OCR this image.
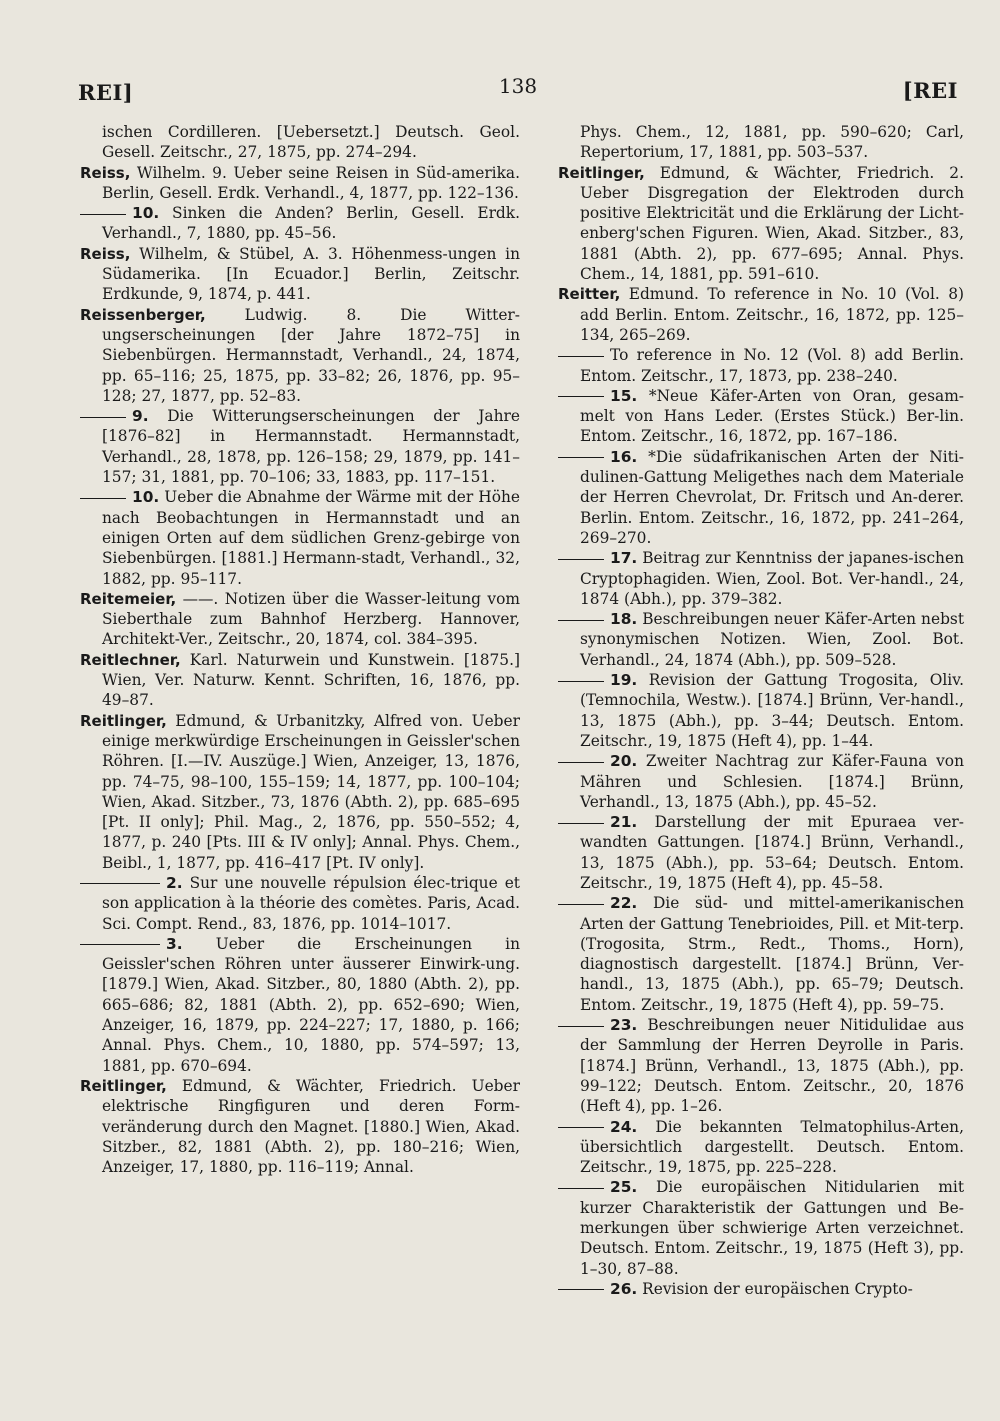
REI]	138	[REI

ischen Cordilleren. [Uebersetzt.] Deutsch. Geol. Gesell. Zeitschr., 27, 1875, pp. 274–294.

Reiss, Wilhelm. 9. Ueber seine Reisen in Süd-amerika. Berlin, Gesell. Erdk. Verhandl., 4, 1877, pp. 122–136.

10. Sinken die Anden? Berlin, Gesell. Erdk. Verhandl., 7, 1880, pp. 45–56.

Reiss, Wilhelm, & Stübel, A. 3. Höhenmess-ungen in Südamerika. [In Ecuador.] Berlin, Zeitschr. Erdkunde, 9, 1874, p. 441.

Reissenberger, Ludwig. 8. Die Witter-ungserscheinungen [der Jahre 1872–75] in Siebenbürgen. Hermannstadt, Verhandl., 24, 1874, pp. 65–116; 25, 1875, pp. 33–82; 26, 1876, pp. 95–128; 27, 1877, pp. 52–83.

9. Die Witterungserscheinungen der Jahre [1876–82] in Hermannstadt. Hermannstadt, Verhandl., 28, 1878, pp. 126–158; 29, 1879, pp. 141–157; 31, 1881, pp. 70–106; 33, 1883, pp. 117–151.

10. Ueber die Abnahme der Wärme mit der Höhe nach Beobachtungen in Hermannstadt und an einigen Orten auf dem südlichen Grenz-gebirge von Siebenbürgen. [1881.] Hermann-stadt, Verhandl., 32, 1882, pp. 95–117.

Reitemeier, ——. Notizen über die Wasser-leitung vom Sieberthale zum Bahnhof Herzberg. Hannover, Architekt-Ver., Zeitschr., 20, 1874, col. 384–395.

Reitlechner, Karl. Naturwein und Kunstwein. [1875.] Wien, Ver. Naturw. Kennt. Schriften, 16, 1876, pp. 49–87.

Reitlinger, Edmund, & Urbanitzky, Alfred von. Ueber einige merkwürdige Erscheinungen in Geissler'schen Röhren. [I.—IV. Auszüge.] Wien, Anzeiger, 13, 1876, pp. 74–75, 98–100, 155–159; 14, 1877, pp. 100–104; Wien, Akad. Sitzber., 73, 1876 (Abth. 2), pp. 685–695 [Pt. II only]; Phil. Mag., 2, 1876, pp. 550–552; 4, 1877, p. 240 [Pts. III & IV only]; Annal. Phys. Chem., Beibl., 1, 1877, pp. 416–417 [Pt. IV only].

2. Sur une nouvelle répulsion élec-trique et son application à la théorie des comètes. Paris, Acad. Sci. Compt. Rend., 83, 1876, pp. 1014–1017.

3. Ueber die Erscheinungen in Geissler'schen Röhren unter äusserer Einwirk-ung. [1879.] Wien, Akad. Sitzber., 80, 1880 (Abth. 2), pp. 665–686; 82, 1881 (Abth. 2), pp. 652–690; Wien, Anzeiger, 16, 1879, pp. 224–227; 17, 1880, p. 166; Annal. Phys. Chem., 10, 1880, pp. 574–597; 13, 1881, pp. 670–694.

Reitlinger, Edmund, & Wächter, Friedrich. Ueber elektrische Ringfiguren und deren Form-veränderung durch den Magnet. [1880.] Wien, Akad. Sitzber., 82, 1881 (Abth. 2), pp. 180–216; Wien, Anzeiger, 17, 1880, pp. 116–119; Annal.

Phys. Chem., 12, 1881, pp. 590–620; Carl, Repertorium, 17, 1881, pp. 503–537.

Reitlinger, Edmund, & Wächter, Friedrich. 2. Ueber Disgregation der Elektroden durch positive Elektricität und die Erklärung der Licht-enberg'schen Figuren. Wien, Akad. Sitzber., 83, 1881 (Abth. 2), pp. 677–695; Annal. Phys. Chem., 14, 1881, pp. 591–610.

Reitter, Edmund. To reference in No. 10 (Vol. 8) add Berlin. Entom. Zeitschr., 16, 1872, pp. 125–134, 265–269.

To reference in No. 12 (Vol. 8) add Berlin. Entom. Zeitschr., 17, 1873, pp. 238–240.

15. *Neue Käfer-Arten von Oran, gesam-melt von Hans Leder. (Erstes Stück.) Ber-lin. Entom. Zeitschr., 16, 1872, pp. 167–186.

16. *Die südafrikanischen Arten der Niti-dulinen-Gattung Meligethes nach dem Materiale der Herren Chevrolat, Dr. Fritsch und An-derer. Berlin. Entom. Zeitschr., 16, 1872, pp. 241–264, 269–270.

17. Beitrag zur Kenntniss der japanes-ischen Cryptophagiden. Wien, Zool. Bot. Ver-handl., 24, 1874 (Abh.), pp. 379–382.

18. Beschreibungen neuer Käfer-Arten nebst synonymischen Notizen. Wien, Zool. Bot. Verhandl., 24, 1874 (Abh.), pp. 509–528.

19. Revision der Gattung Trogosita, Oliv. (Temnochila, Westw.). [1874.] Brünn, Ver-handl., 13, 1875 (Abh.), pp. 3–44; Deutsch. Entom. Zeitschr., 19, 1875 (Heft 4), pp. 1–44.

20. Zweiter Nachtrag zur Käfer-Fauna von Mähren und Schlesien. [1874.] Brünn, Verhandl., 13, 1875 (Abh.), pp. 45–52.

21. Darstellung der mit Epuraea ver-wandten Gattungen. [1874.] Brünn, Verhandl., 13, 1875 (Abh.), pp. 53–64; Deutsch. Entom. Zeitschr., 19, 1875 (Heft 4), pp. 45–58.

22. Die süd- und mittel-amerikanischen Arten der Gattung Tenebrioides, Pill. et Mit-terp. (Trogosita, Strm., Redt., Thoms., Horn), diagnostisch dargestellt. [1874.] Brünn, Ver-handl., 13, 1875 (Abh.), pp. 65–79; Deutsch. Entom. Zeitschr., 19, 1875 (Heft 4), pp. 59–75.

23. Beschreibungen neuer Nitidulidae aus der Sammlung der Herren Deyrolle in Paris. [1874.] Brünn, Verhandl., 13, 1875 (Abh.), pp. 99–122; Deutsch. Entom. Zeitschr., 20, 1876 (Heft 4), pp. 1–26.

24. Die bekannten Telmatophilus-Arten, übersichtlich dargestellt. Deutsch. Entom. Zeitschr., 19, 1875, pp. 225–228.

25. Die europäischen Nitidularien mit kurzer Charakteristik der Gattungen und Be-merkungen über schwierige Arten verzeichnet. Deutsch. Entom. Zeitschr., 19, 1875 (Heft 3), pp. 1–30, 87–88.

26. Revision der europäischen Crypto-
